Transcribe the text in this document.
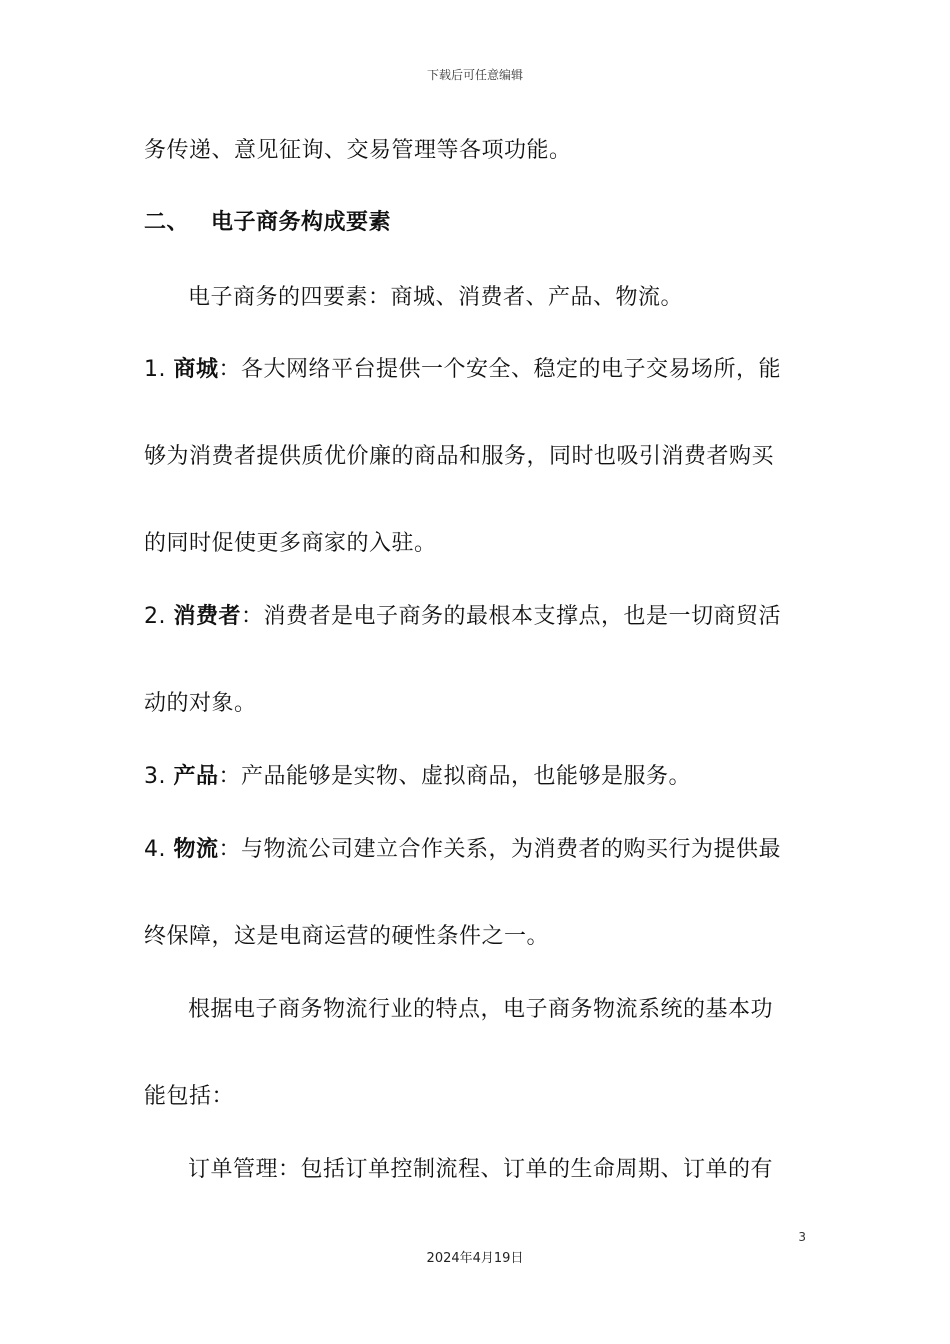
下载后可任意编辑
务传递、意见征询、交易管理等各项功能。
二、 电子商务构成要素
电子商务的四要素：商城、消费者、产品、物流。
1. 商城：各大网络平台提供一个安全、稳定的电子交易场所，能
够为消费者提供质优价廉的商品和服务，同时也吸引消费者购买
的同时促使更多商家的入驻。
2. 消费者：消费者是电子商务的最根本支撑点，也是一切商贸活
动的对象。
3. 产品：产品能够是实物、虚拟商品，也能够是服务。
4. 物流：与物流公司建立合作关系，为消费者的购买行为提供最
终保障，这是电商运营的硬性条件之一。
根据电子商务物流行业的特点，电子商务物流系统的基本功
能包括：
订单管理：包括订单控制流程、订单的生命周期、订单的有
3
2024年4月19日
